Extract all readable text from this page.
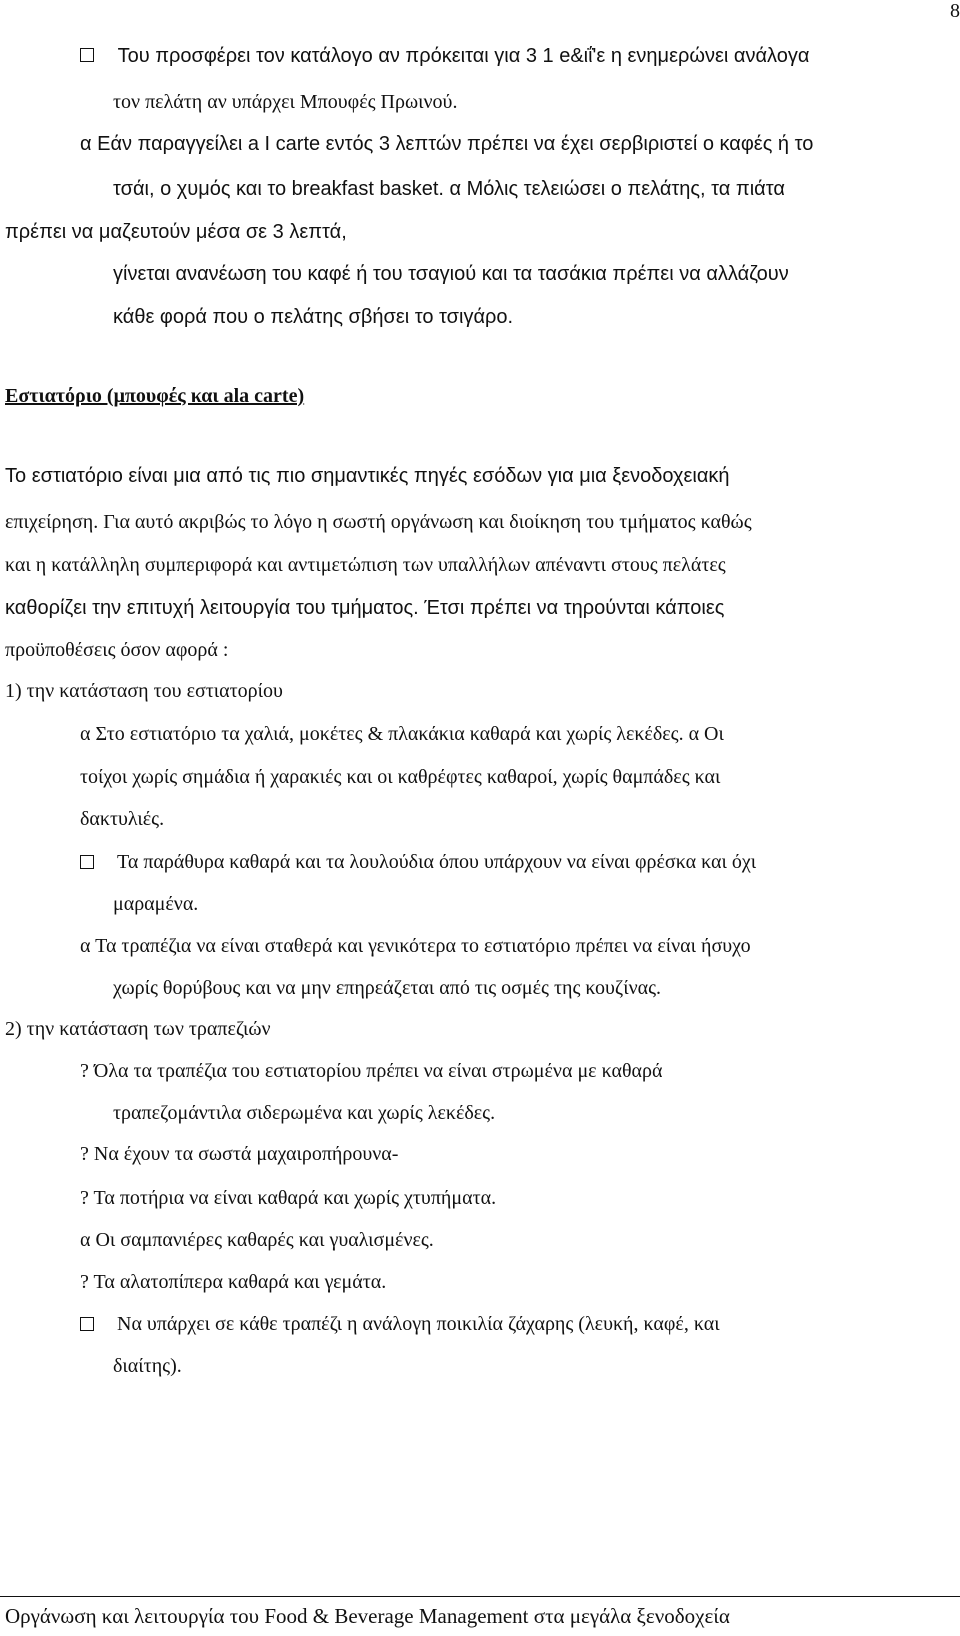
8
Του προσφέρει τον κατάλογο αν πρόκειται για 3 1 e&ιΐ'ε η ενημερώνει ανάλογα
τον πελάτη αν υπάρχει Μπουφές Πρωινού.
α Εάν παραγγείλει a I carte εντός 3 λεπτών πρέπει να έχει σερβιριστεί ο καφές ή το
τσάι, ο χυμός και το breakfast basket. α Μόλις τελειώσει ο πελάτης, τα πιάτα
πρέπει να μαζευτούν μέσα σε 3 λεπτά,
γίνεται ανανέωση του καφέ ή του τσαγιού και τα τασάκια πρέπει να αλλάζουν
κάθε φορά που ο πελάτης σβήσει το τσιγάρο.
Εστιατόριο (μπουφές και ala carte)
Το εστιατόριο είναι μια από τις πιο σημαντικές πηγές εσόδων για μια ξενοδοχειακή
επιχείρηση. Για αυτό ακριβώς το λόγο η σωστή οργάνωση και διοίκηση του τμήματος καθώς
και η κατάλληλη συμπεριφορά και αντιμετώπιση των υπαλλήλων απέναντι στους πελάτες
καθορίζει την επιτυχή λειτουργία του τμήματος. Έτσι πρέπει να τηρούνται κάποιες
προϋποθέσεις όσον αφορά :
1) την κατάσταση του εστιατορίου
α Στο εστιατόριο τα χαλιά, μοκέτες & πλακάκια καθαρά και χωρίς λεκέδες. α Οι
τοίχοι χωρίς σημάδια ή χαρακιές και οι καθρέφτες καθαροί, χωρίς θαμπάδες και
δακτυλιές.
Τα παράθυρα καθαρά και τα λουλούδια όπου υπάρχουν να είναι φρέσκα και όχι
μαραμένα.
α Τα τραπέζια να είναι σταθερά και γενικότερα το εστιατόριο πρέπει να είναι ήσυχο
χωρίς θορύβους και να μην επηρεάζεται από τις οσμές της κουζίνας.
2) την κατάσταση των τραπεζιών
? Όλα τα τραπέζια του εστιατορίου πρέπει να είναι στρωμένα με καθαρά
τραπεζομάντιλα σιδερωμένα και χωρίς λεκέδες.
? Να έχουν τα σωστά μαχαιροπήρουνα-
? Τα ποτήρια να είναι καθαρά και χωρίς χτυπήματα.
α Οι σαμπανιέρες καθαρές και γυαλισμένες.
? Τα αλατοπίπερα καθαρά και γεμάτα.
Να υπάρχει σε κάθε τραπέζι η ανάλογη ποικιλία ζάχαρης (λευκή, καφέ, και
διαίτης).
Οργάνωση και λειτουργία του Food & Beverage Management στα μεγάλα ξενοδοχεία
